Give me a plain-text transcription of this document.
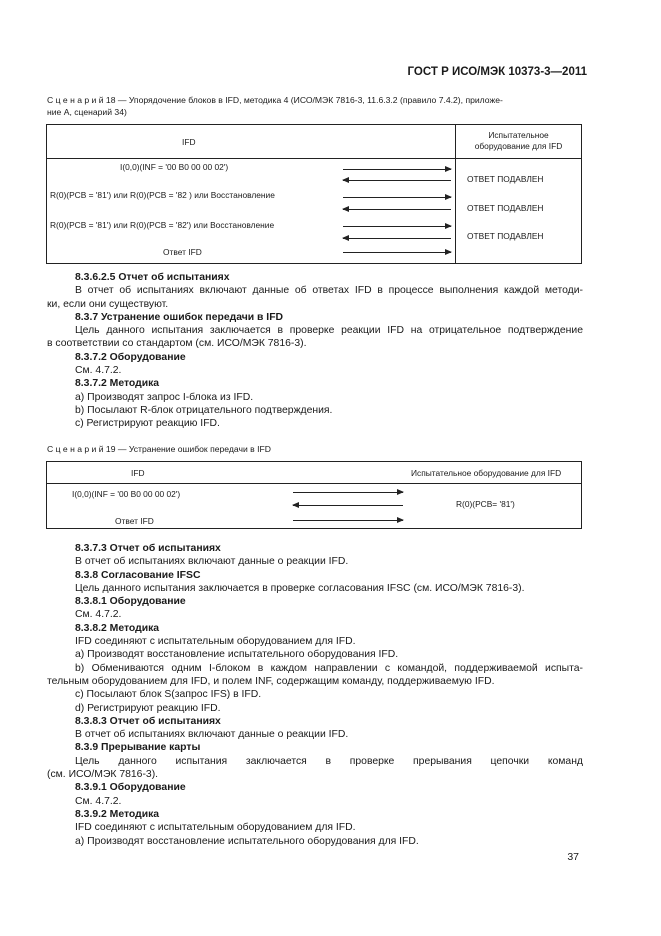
ГОСТ Р ИСО/МЭК 10373-3—2011
С ц е н а р и й 18 — Упорядочение блоков в IFD, методика 4 (ИСО/МЭК 7816-3, 11.6.3.2 (правило 7.4.2), приложе-
ние А, сценарий 34)
IFD
Испытательное
оборудование для IFD
I(0,0)(INF = '00 B0 00 00 02')
ОТВЕТ ПОДАВЛЕН
R(0)(PCB = '81') или R(0)(PCB = '82 ) или Восстановление
ОТВЕТ ПОДАВЛЕН
R(0)(PCB = '81') или R(0)(PCB = '82') или Восстановление
ОТВЕТ ПОДАВЛЕН
Ответ IFD

8.3.6.2.5 Отчет об испытаниях

В отчет об испытаниях включают данные об ответах IFD в процессе выполнения каждой методи-

ки, если они существуют.

8.3.7 Устранение ошибок передачи в IFD

Цель данного испытания заключается в проверке реакции IFD на отрицательное подтверждение

в соответствии со стандартом (см. ИСО/МЭК 7816-3).

8.3.7.2 Оборудование

См. 4.7.2.

8.3.7.2 Методика

а) Производят запрос I-блока из IFD.

b) Посылают R-блок отрицательного подтверждения.

с) Регистрируют реакцию IFD.

С ц е н а р и й 19 — Устранение ошибок передачи в IFD
IFD	Испытательное оборудование для IFD
I(0,0)(INF = '00 B0 00 00 02')
R(0)(PCB= '81')
Ответ IFD

8.3.7.3 Отчет об испытаниях

В отчет об испытаниях включают данные о реакции IFD.

8.3.8 Согласование IFSC

Цель данного испытания заключается в проверке согласования IFSC (см. ИСО/МЭК 7816-3).

8.3.8.1 Оборудование

См. 4.7.2.

8.3.8.2 Методика

IFD соединяют с испытательным оборудованием для IFD.

а) Производят восстановление испытательного оборудования IFD.

b) Обмениваются одним I-блоком в каждом направлении с командой, поддерживаемой испыта-

тельным оборудованием для IFD, и полем INF, содержащим команду, поддерживаемую IFD.

с) Посылают блок S(запрос IFS) в IFD.

d) Регистрируют реакцию IFD.

8.3.8.3 Отчет об испытаниях

В отчет об испытаниях включают данные о реакции IFD.

8.3.9 Прерывание карты

Цель данного испытания заключается в проверке прерывания цепочки команд

(см. ИСО/МЭК 7816-3).

8.3.9.1 Оборудование

См. 4.7.2.

8.3.9.2 Методика

IFD соединяют с испытательным оборудованием для IFD.

а) Производят восстановление испытательного оборудования для IFD.

37
